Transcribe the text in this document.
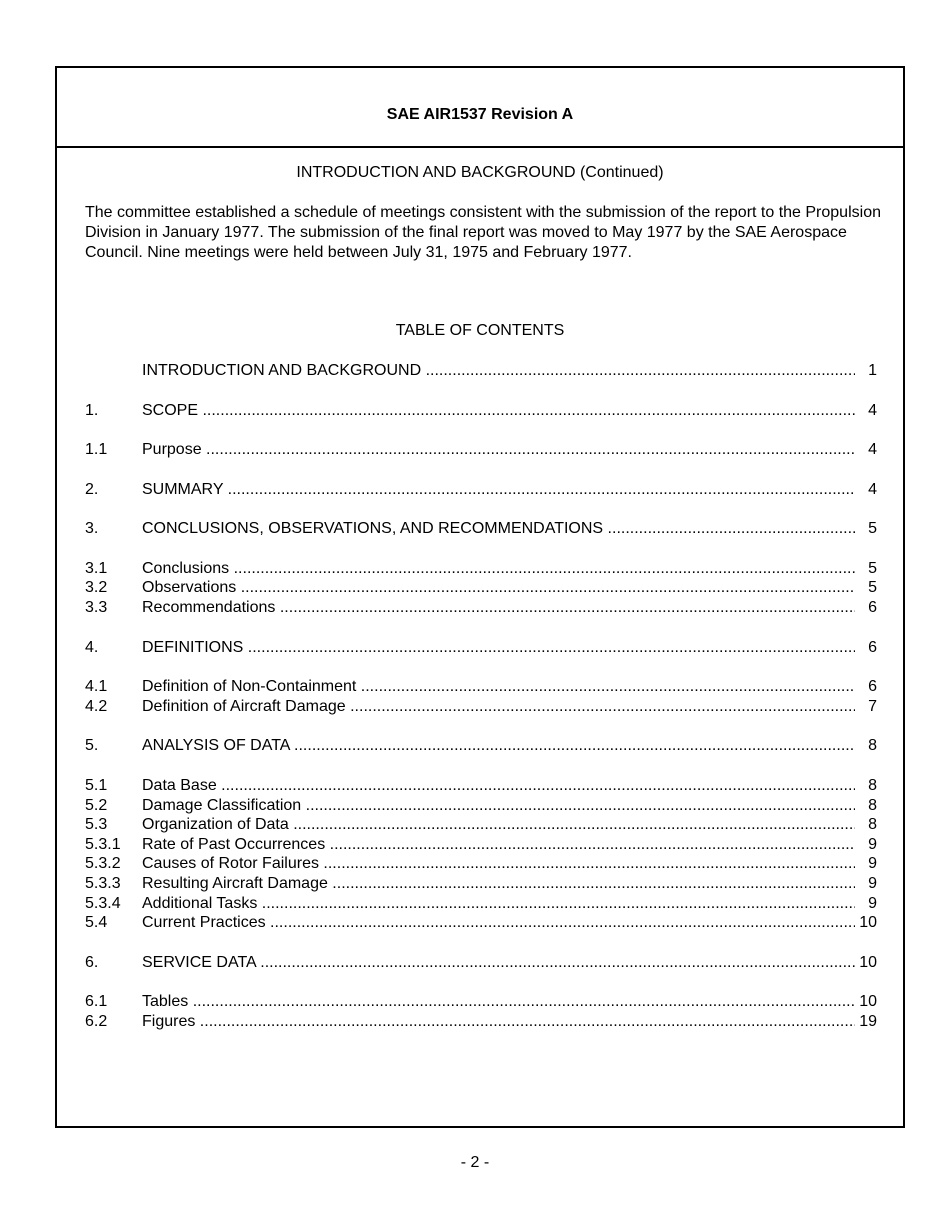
SAE AIR1537 Revision A
INTRODUCTION AND BACKGROUND (Continued)
The committee established a schedule of meetings consistent with the submission of the report to the Propulsion Division in January 1977. The submission of the final report was moved to May 1977 by the SAE Aerospace Council. Nine meetings were held between July 31, 1975 and February 1977.
TABLE OF CONTENTS
INTRODUCTION AND BACKGROUND .....	1
1.	SCOPE .....	4
1.1 Purpose .....	4
2.	SUMMARY .....	4
3.	CONCLUSIONS, OBSERVATIONS, AND RECOMMENDATIONS .....	5
3.1 Conclusions .....	5
3.2 Observations .....	5
3.3 Recommendations .....	6
4.	DEFINITIONS .....	6
4.1 Definition of Non-Containment .....	6
4.2 Definition of Aircraft Damage .....	7
5.	ANALYSIS OF DATA .....	8
5.1 Data Base .....	8
5.2 Damage Classification .....	8
5.3 Organization of Data .....	8
5.3.1 Rate of Past Occurrences .....	9
5.3.2 Causes of Rotor Failures .....	9
5.3.3 Resulting Aircraft Damage .....	9
5.3.4 Additional Tasks .....	9
5.4 Current Practices .....	10
6.	SERVICE DATA .....	10
6.1 Tables .....	10
6.2 Figures .....	19
- 2 -
